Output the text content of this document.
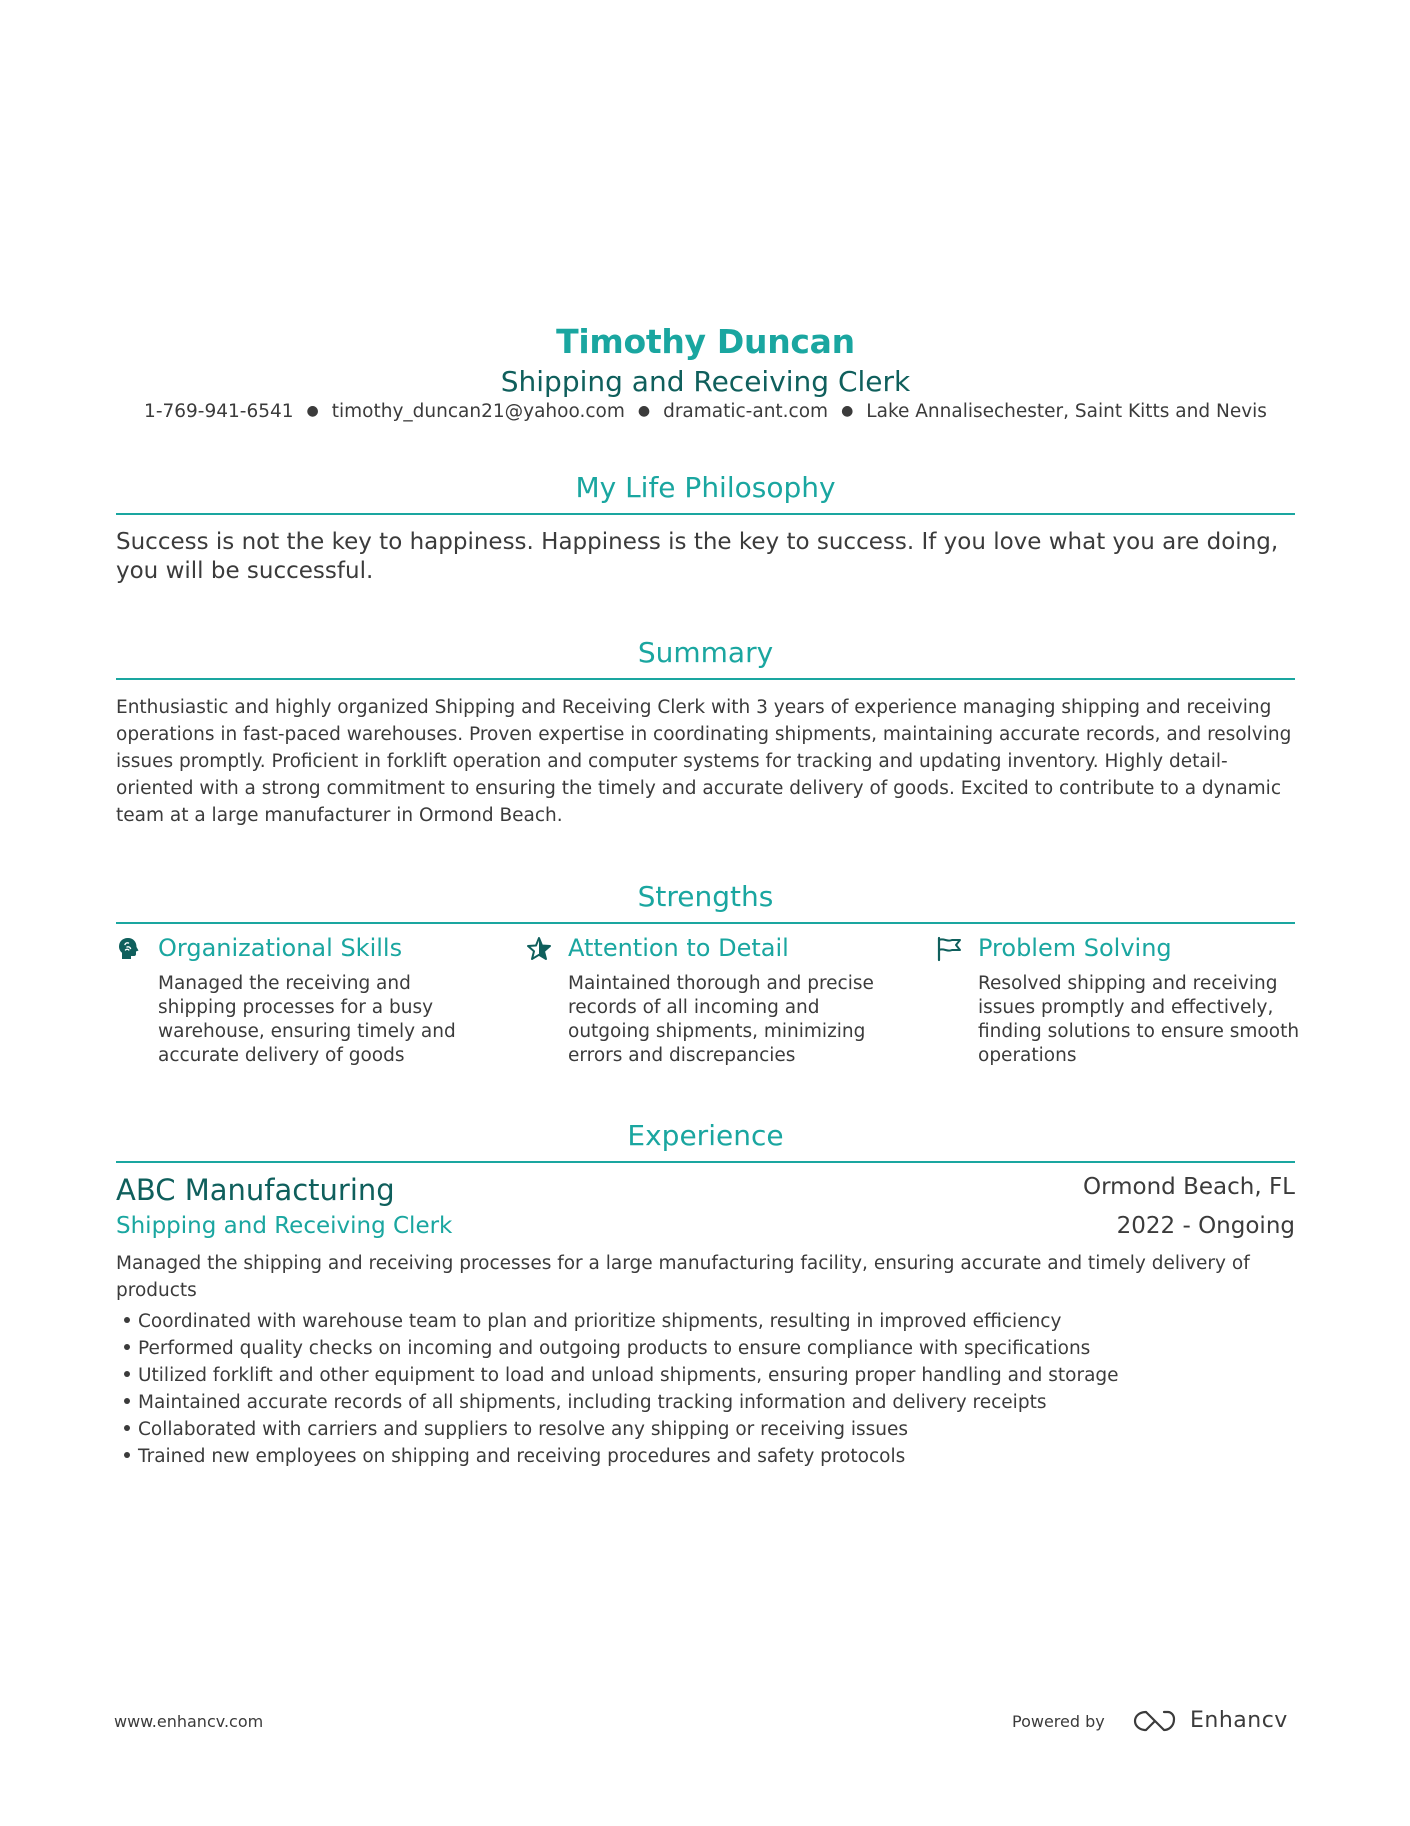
Timothy Duncan
Shipping and Receiving Clerk
1-769-941-6541 ● timothy_duncan21@yahoo.com ● dramatic-ant.com ● Lake Annalisechester, Saint Kitts and Nevis
My Life Philosophy
Success is not the key to happiness. Happiness is the key to success. If you love what you are doing, you will be successful.
Summary
Enthusiastic and highly organized Shipping and Receiving Clerk with 3 years of experience managing shipping and receiving operations in fast-paced warehouses. Proven expertise in coordinating shipments, maintaining accurate records, and resolving issues promptly. Proficient in forklift operation and computer systems for tracking and updating inventory. Highly detail-oriented with a strong commitment to ensuring the timely and accurate delivery of goods. Excited to contribute to a dynamic team at a large manufacturer in Ormond Beach.
Strengths
Organizational Skills
Managed the receiving and shipping processes for a busy warehouse, ensuring timely and accurate delivery of goods
Attention to Detail
Maintained thorough and precise records of all incoming and outgoing shipments, minimizing errors and discrepancies
Problem Solving
Resolved shipping and receiving issues promptly and effectively, finding solutions to ensure smooth operations
Experience
ABC Manufacturing	Ormond Beach, FL
Shipping and Receiving Clerk	2022 - Ongoing
Managed the shipping and receiving processes for a large manufacturing facility, ensuring accurate and timely delivery of products
Coordinated with warehouse team to plan and prioritize shipments, resulting in improved efficiency
Performed quality checks on incoming and outgoing products to ensure compliance with specifications
Utilized forklift and other equipment to load and unload shipments, ensuring proper handling and storage
Maintained accurate records of all shipments, including tracking information and delivery receipts
Collaborated with carriers and suppliers to resolve any shipping or receiving issues
Trained new employees on shipping and receiving procedures and safety protocols
www.enhancv.com	Powered by	Enhancv
